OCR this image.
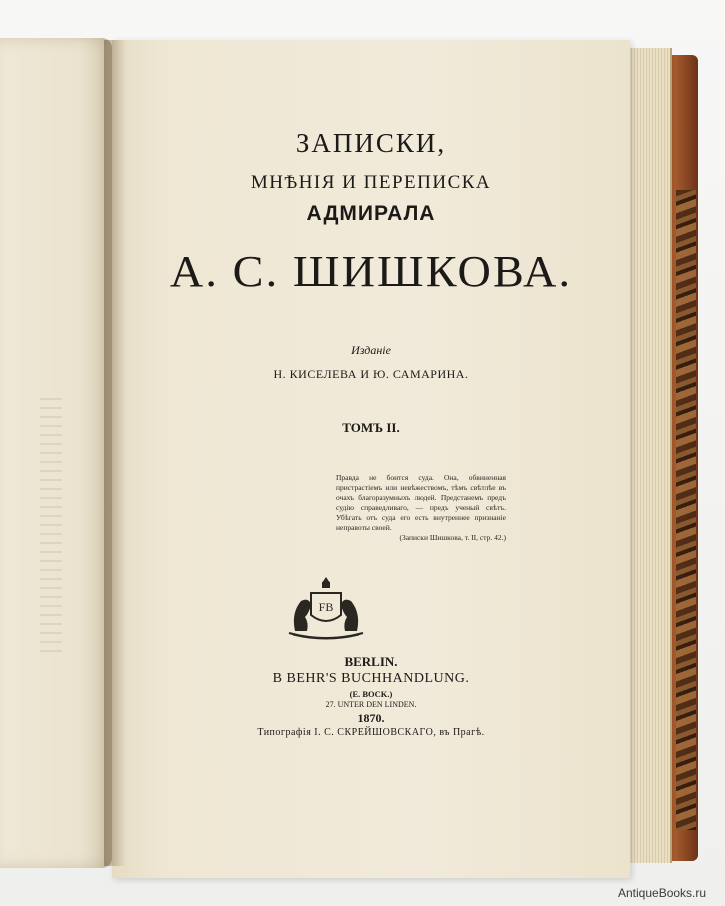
ЗАПИСКИ,

МНѢНІЯ И ПЕРЕПИСКА

АДМИРАЛА

А. С. ШИШКОВА.

Изданіе

Н. КИСЕЛЕВА И Ю. САМАРИНА.

ТОМЪ II.

Правда не боится суда. Она, обвиненная пристрастіемъ или невѣжествомъ, тѣмъ свѣтлѣе въ очахъ благоразумныхъ людей. Предстанемъ предъ судію справедливаго, — предъ ученый свѣтъ. Убѣгать отъ суда его есть внутреннее признаніе неправоты своей.
(Записки Шишкова, т. II, стр. 42.)

FB

BERLIN.

B BEHR'S BUCHHANDLUNG.

(E. BOCK.)

27. UNTER DEN LINDEN.

1870.

Типографія І. С. СКРЕЙШОВСКАГО, въ Прагѣ.

AntiqueBooks.ru
